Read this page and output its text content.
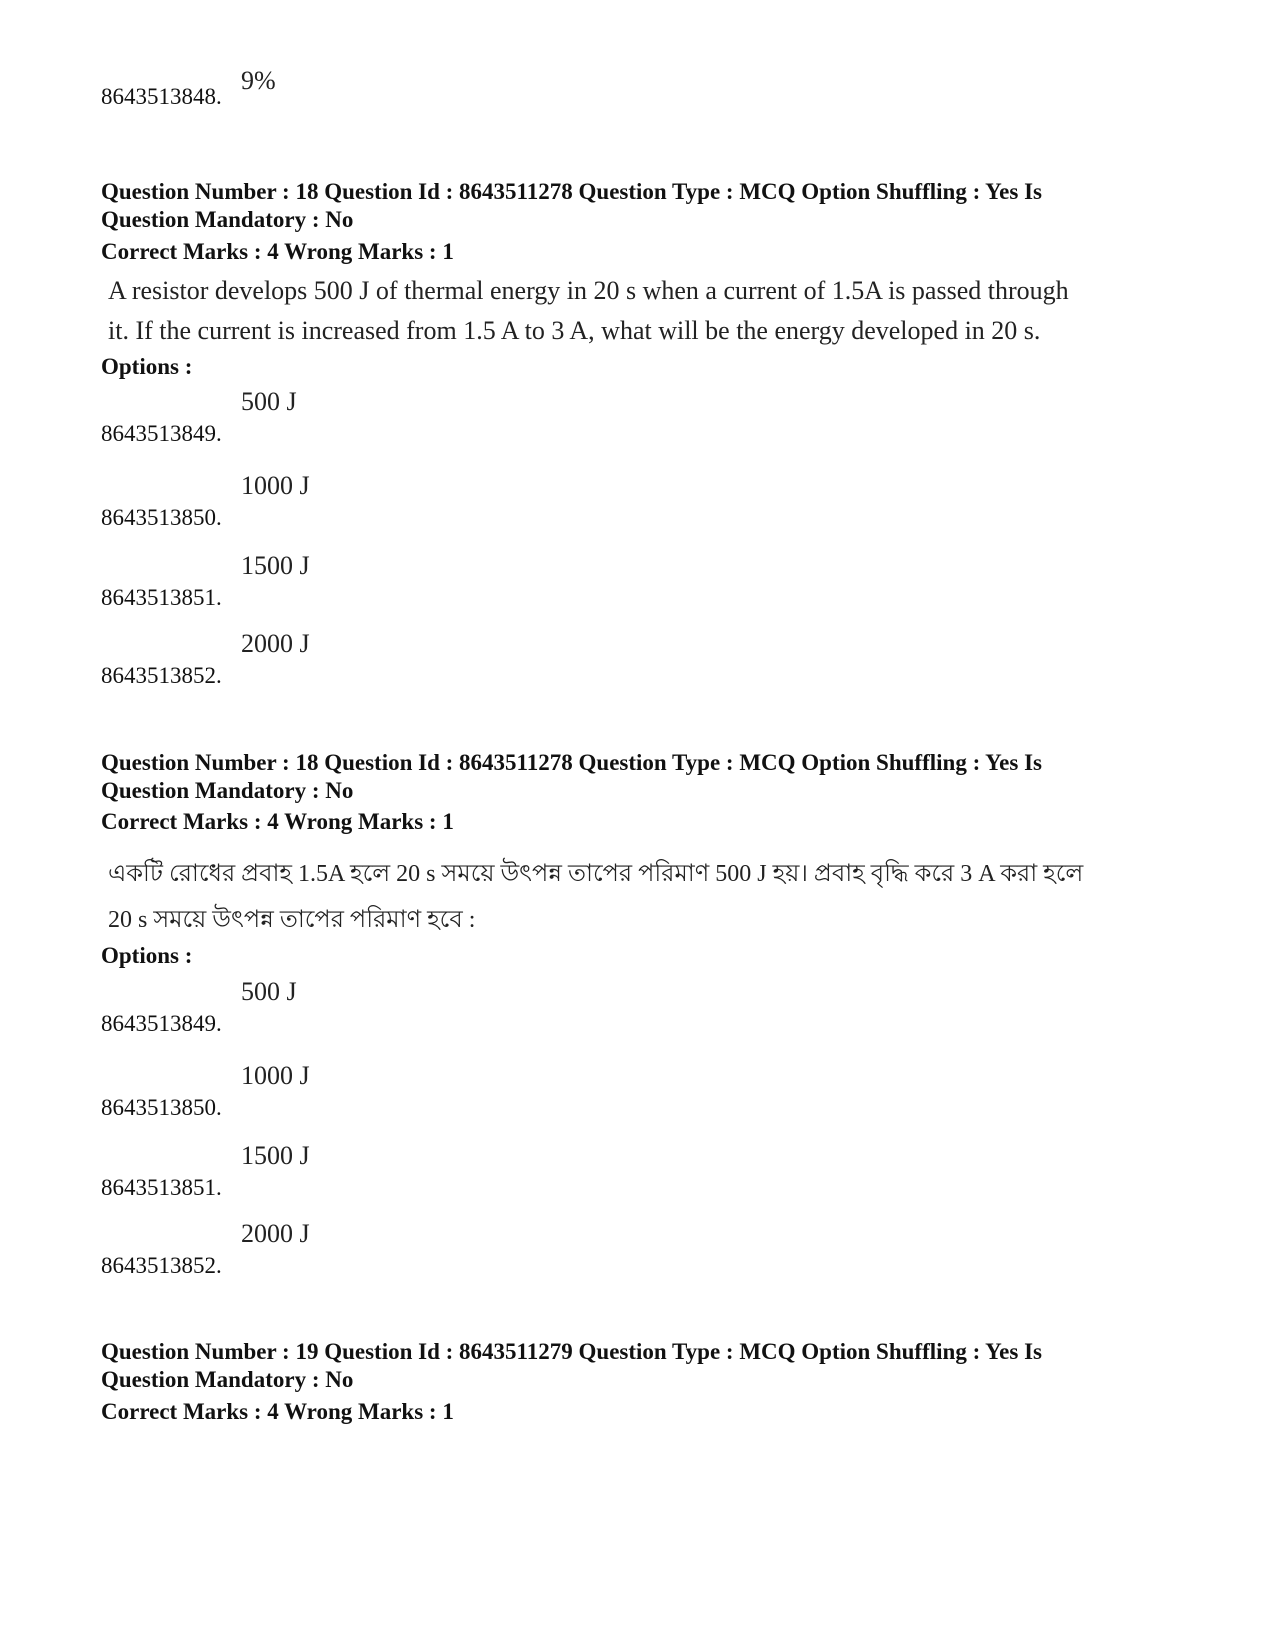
8643513848.
9%
Question Number : 18 Question Id : 8643511278 Question Type : MCQ Option Shuffling : Yes Is
Question Mandatory : No
Correct Marks : 4 Wrong Marks : 1
A resistor develops 500 J of thermal energy in 20 s when a current of 1.5A is passed through
it. If the current is increased from 1.5 A to 3 A, what will be the energy developed in 20 s.
Options :
8643513849.
500 J
8643513850.
1000 J
8643513851.
1500 J
8643513852.
2000 J
Question Number : 18 Question Id : 8643511278 Question Type : MCQ Option Shuffling : Yes Is
Question Mandatory : No
Correct Marks : 4 Wrong Marks : 1
একটি রোধের প্রবাহ 1.5A হলে 20 s সময়ে উৎপন্ন তাপের পরিমাণ 500 J হয়। প্রবাহ বৃদ্ধি করে 3 A করা হলে
20 s সময়ে উৎপন্ন তাপের পরিমাণ হবে :
Options :
8643513849.
500 J
8643513850.
1000 J
8643513851.
1500 J
8643513852.
2000 J
Question Number : 19 Question Id : 8643511279 Question Type : MCQ Option Shuffling : Yes Is
Question Mandatory : No
Correct Marks : 4 Wrong Marks : 1
